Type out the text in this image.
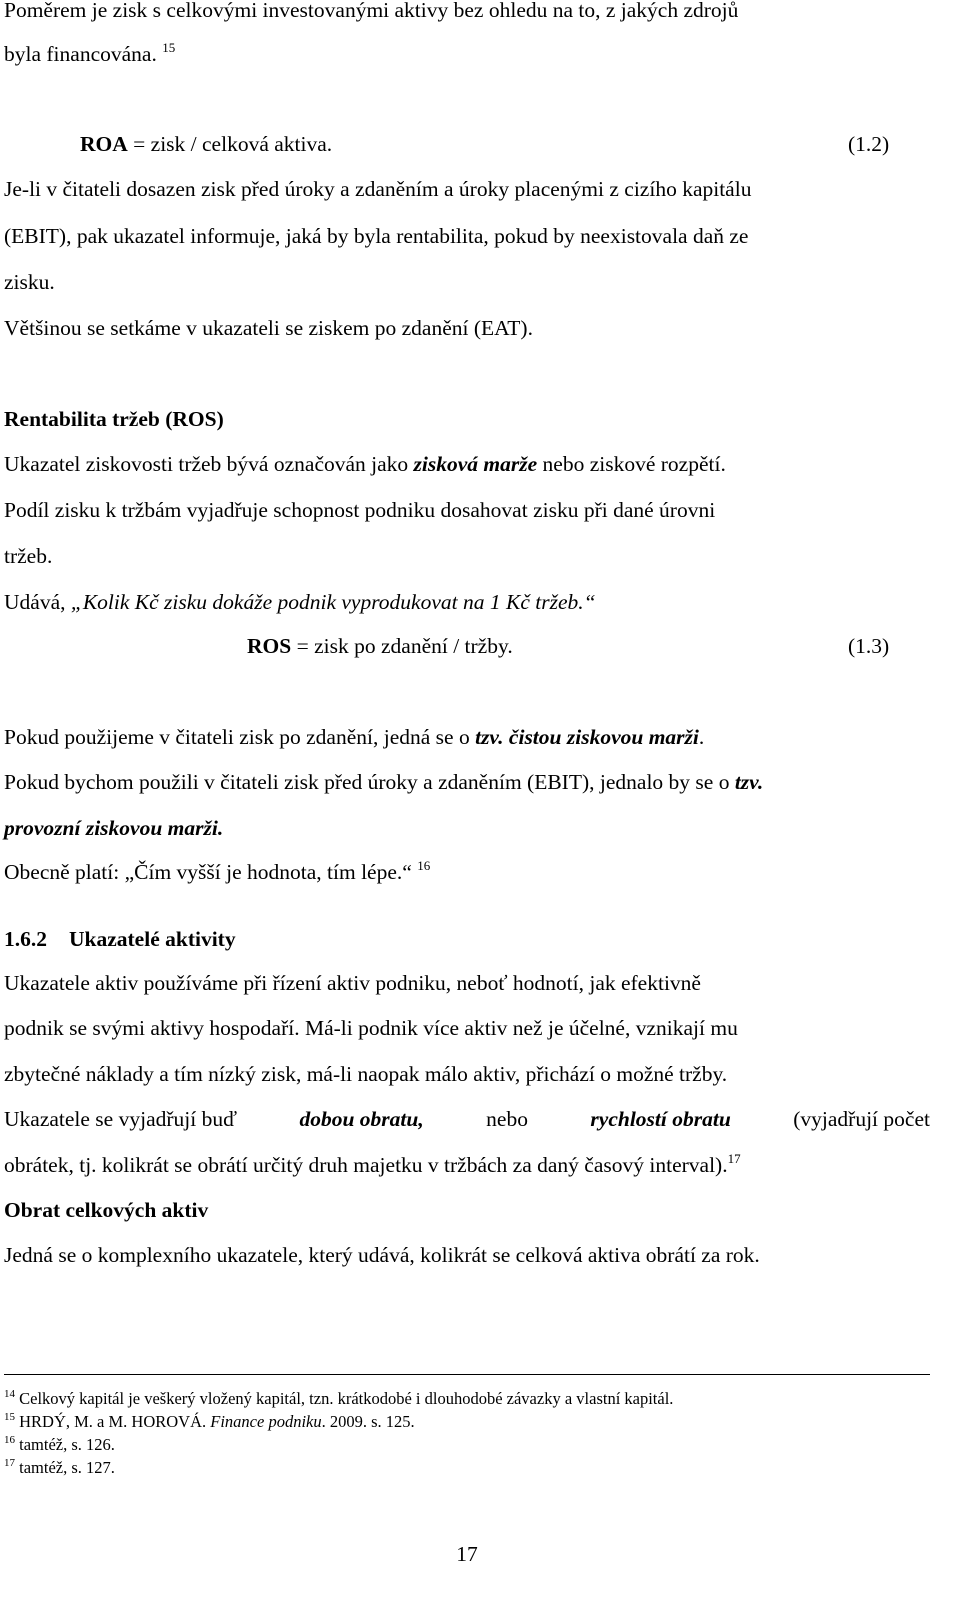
Poměrem je zisk s celkovými investovanými aktivy bez ohledu na to, z jakých zdrojů
byla financována. $^{15}$
ROA = zisk / celková aktiva.	(1.2)
Je-li v čitateli dosazen zisk před úroky a zdaněním a úroky placenými z cizího kapitálu
(EBIT), pak ukazatel informuje, jaká by byla rentabilita, pokud by neexistovala daň ze
zisku.
Většinou se setkáme v ukazateli se ziskem po zdanění (EAT).
Rentabilita tržeb (ROS)
Ukazatel ziskovosti tržeb bývá označován jako zisková marže nebo ziskové rozpětí.
Podíl zisku k tržbám vyjadřuje schopnost podniku dosahovat zisku při dané úrovni
tržeb.
Udává, „Kolik Kč zisku dokáže podnik vyprodukovat na 1 Kč tržeb.“
ROS = zisk po zdanění / tržby.	(1.3)
Pokud použijeme v čitateli zisk po zdanění, jedná se o tzv. čistou ziskovou marži.
Pokud bychom použili v čitateli zisk před úroky a zdaněním (EBIT), jednalo by se o tzv.
provozní ziskovou marži.
Obecně platí: „Čím vyšší je hodnota, tím lépe.“ $^{16}$
1.6.2 Ukazatelé aktivity
Ukazatele aktiv používáme při řízení aktiv podniku, neboť hodnotí, jak efektivně
podnik se svými aktivy hospodaří. Má-li podnik více aktiv než je účelné, vznikají mu
zbytečné náklady a tím nízký zisk, má-li naopak málo aktiv, přichází o možné tržby.
Ukazatele se vyjadřují buď	dobou obratu,	nebo	rychlostí obratu	(vyjadřují počet
obrátek, tj. kolikrát se obrátí určitý druh majetku v tržbách za daný časový interval).$^{17}$
Obrat celkových aktiv
Jedná se o komplexního ukazatele, který udává, kolikrát se celková aktiva obrátí za rok.
$^{14}$ Celkový kapitál je veškerý vložený kapitál, tzn. krátkodobé i dlouhodobé závazky a vlastní kapitál.
$^{15}$ HRDÝ, M. a M. HOROVÁ. Finance podniku. 2009. s. 125.
$^{16}$ tamtéž, s. 126.
$^{17}$ tamtéž, s. 127.
17
